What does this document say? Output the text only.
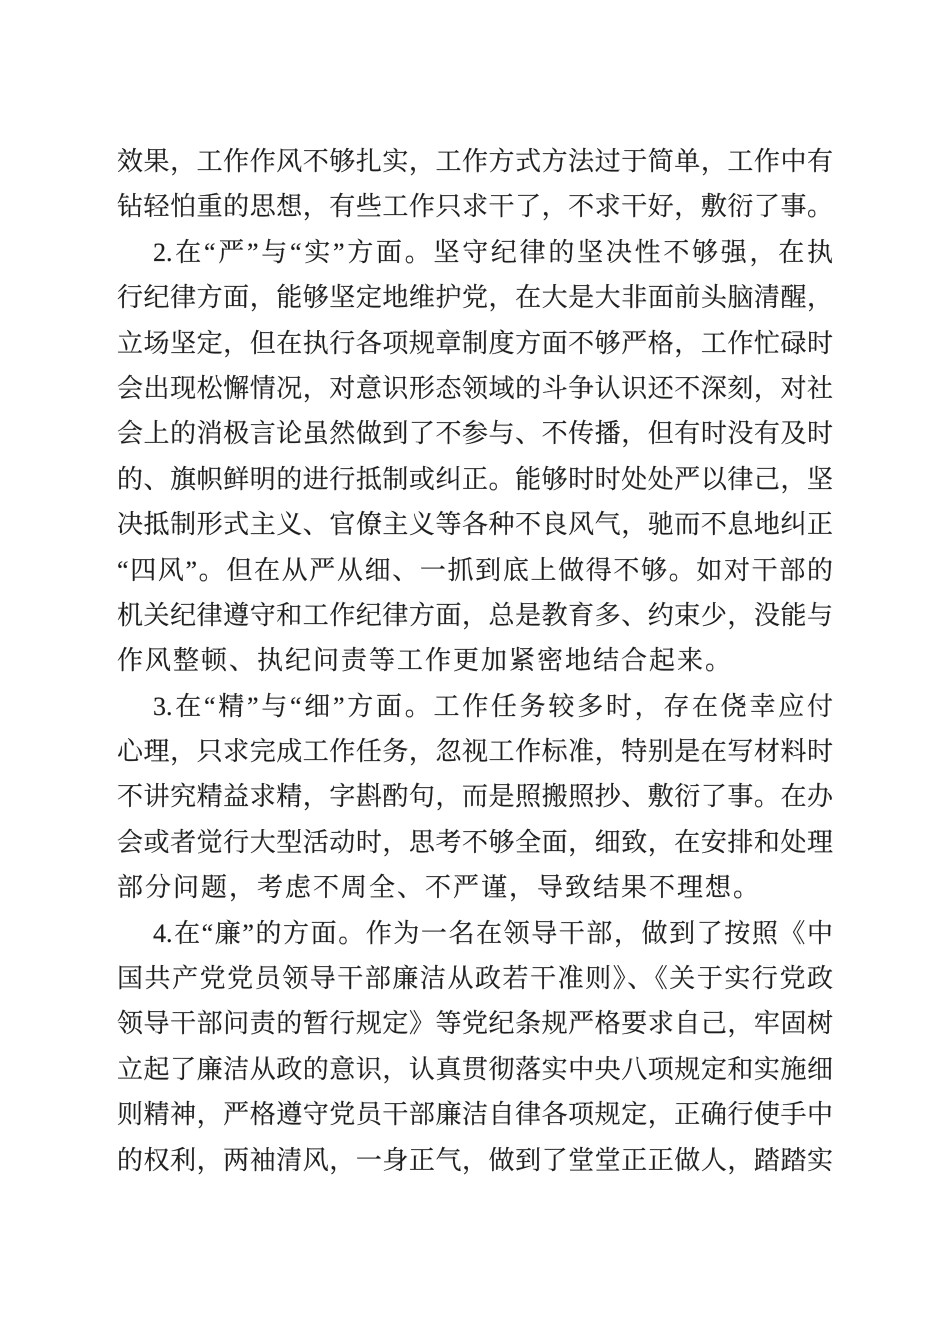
效果，工作作风不够扎实，工作方式方法过于简单，工作中有
钻轻怕重的思想，有些工作只求干了，不求干好，敷衍了事。
2.在“严”与“实”方面。坚守纪律的坚决性不够强，在执
行纪律方面，能够坚定地维护党，在大是大非面前头脑清醒，
立场坚定，但在执行各项规章制度方面不够严格，工作忙碌时
会出现松懈情况，对意识形态领域的斗争认识还不深刻，对社
会上的消极言论虽然做到了不参与、不传播，但有时没有及时
的、旗帜鲜明的进行抵制或纠正。能够时时处处严以律己，坚
决抵制形式主义、官僚主义等各种不良风气，驰而不息地纠正
“四风”。但在从严从细、一抓到底上做得不够。如对干部的
机关纪律遵守和工作纪律方面，总是教育多、约束少，没能与
作风整顿、执纪问责等工作更加紧密地结合起来。
3.在“精”与“细”方面。工作任务较多时，存在侥幸应付
心理，只求完成工作任务，忽视工作标准，特别是在写材料时
不讲究精益求精，字斟酌句，而是照搬照抄、敷衍了事。在办
会或者觉行大型活动时，思考不够全面，细致，在安排和处理
部分问题，考虑不周全、不严谨，导致结果不理想。
4.在“廉”的方面。作为一名在领导干部，做到了按照《中
国共产党党员领导干部廉洁从政若干准则》、《关于实行党政
领导干部问责的暂行规定》等党纪条规严格要求自己，牢固树
立起了廉洁从政的意识，认真贯彻落实中央八项规定和实施细
则精神，严格遵守党员干部廉洁自律各项规定，正确行使手中
的权利，两袖清风，一身正气，做到了堂堂正正做人，踏踏实
